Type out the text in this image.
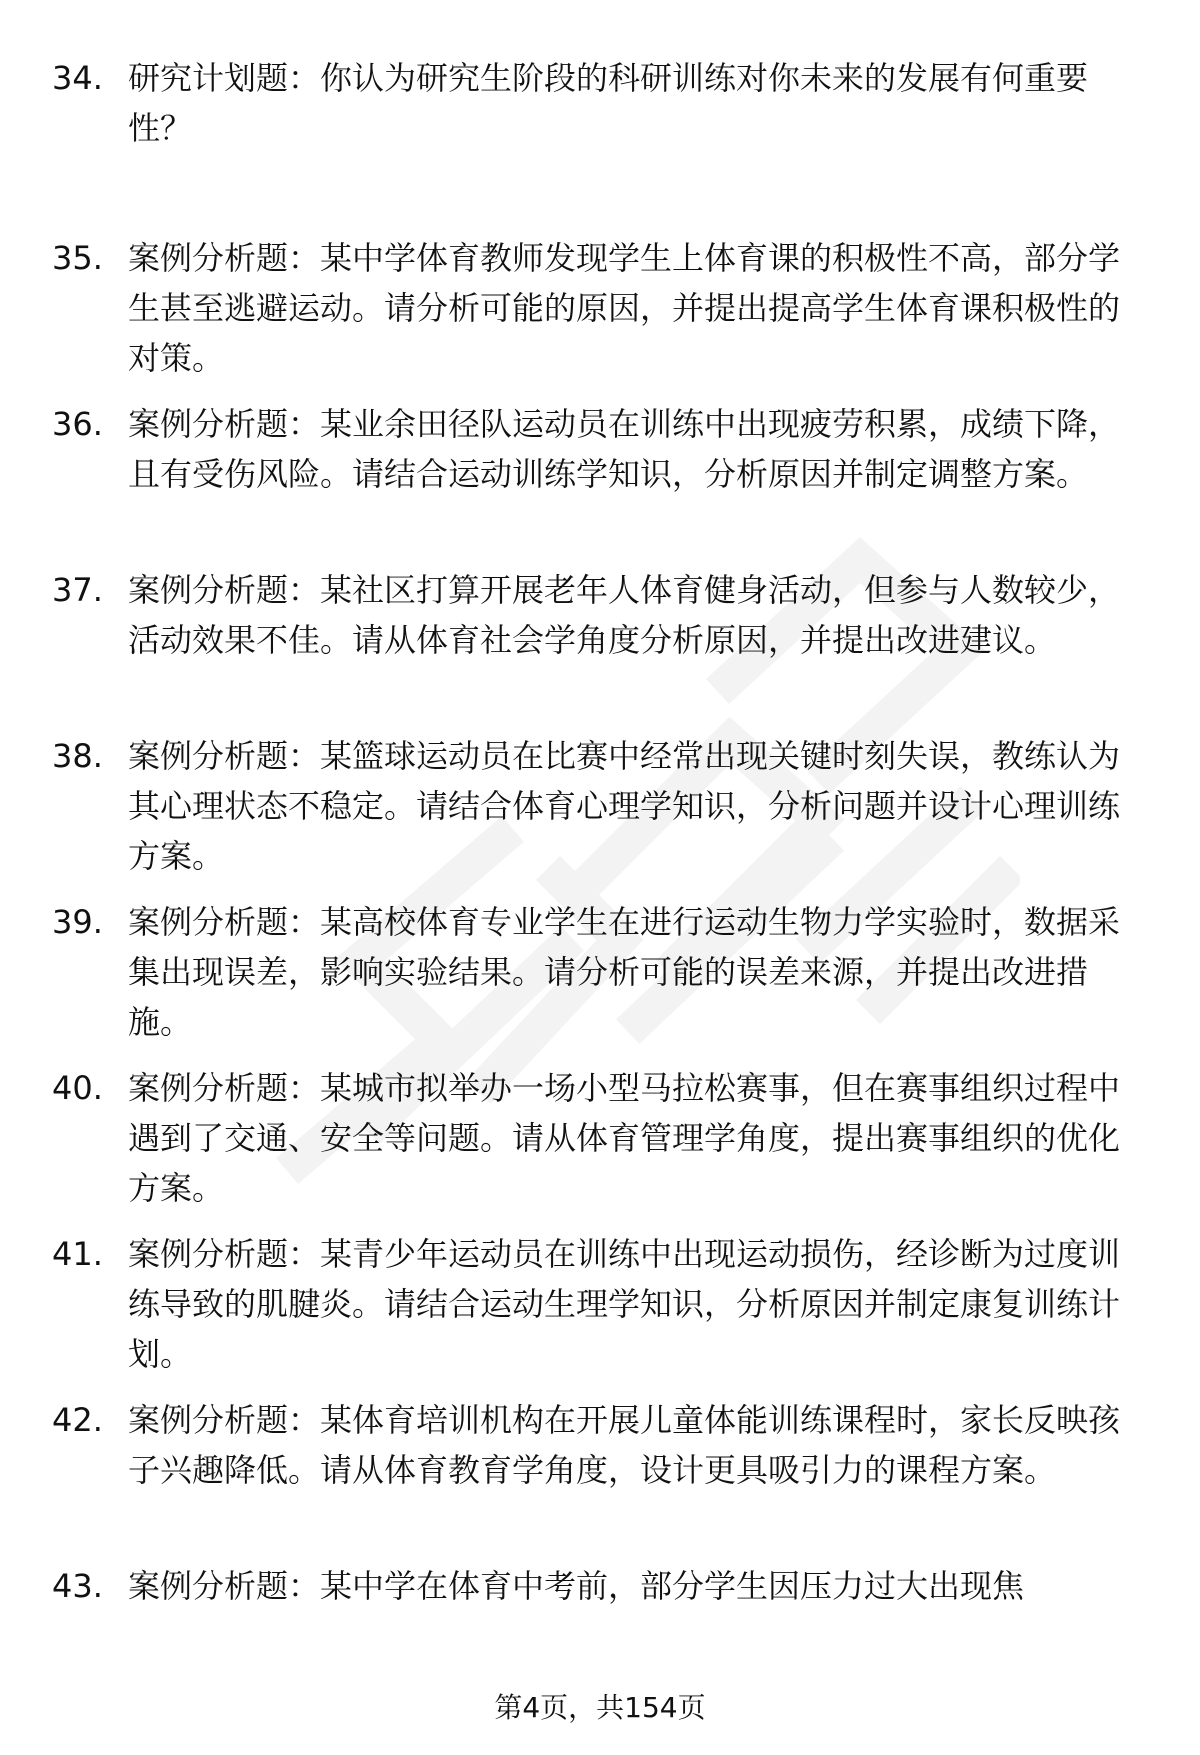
34. 研究计划题：你认为研究生阶段的科研训练对你未来的发展有何重要性？
35. 案例分析题：某中学体育教师发现学生上体育课的积极性不高，部分学生甚至逃避运动。请分析可能的原因，并提出提高学生体育课积极性的对策。
36. 案例分析题：某业余田径队运动员在训练中出现疲劳积累，成绩下降，且有受伤风险。请结合运动训练学知识，分析原因并制定调整方案。
37. 案例分析题：某社区打算开展老年人体育健身活动，但参与人数较少，活动效果不佳。请从体育社会学角度分析原因，并提出改进建议。
38. 案例分析题：某篮球运动员在比赛中经常出现关键时刻失误，教练认为其心理状态不稳定。请结合体育心理学知识，分析问题并设计心理训练方案。
39. 案例分析题：某高校体育专业学生在进行运动生物力学实验时，数据采集出现误差，影响实验结果。请分析可能的误差来源，并提出改进措施。
40. 案例分析题：某城市拟举办一场小型马拉松赛事，但在赛事组织过程中遇到了交通、安全等问题。请从体育管理学角度，提出赛事组织的优化方案。
41. 案例分析题：某青少年运动员在训练中出现运动损伤，经诊断为过度训练导致的肌腱炎。请结合运动生理学知识，分析原因并制定康复训练计划。
42. 案例分析题：某体育培训机构在开展儿童体能训练课程时，家长反映孩子兴趣降低。请从体育教育学角度，设计更具吸引力的课程方案。
43. 案例分析题：某中学在体育中考前，部分学生因压力过大出现焦
第4页，共154页
